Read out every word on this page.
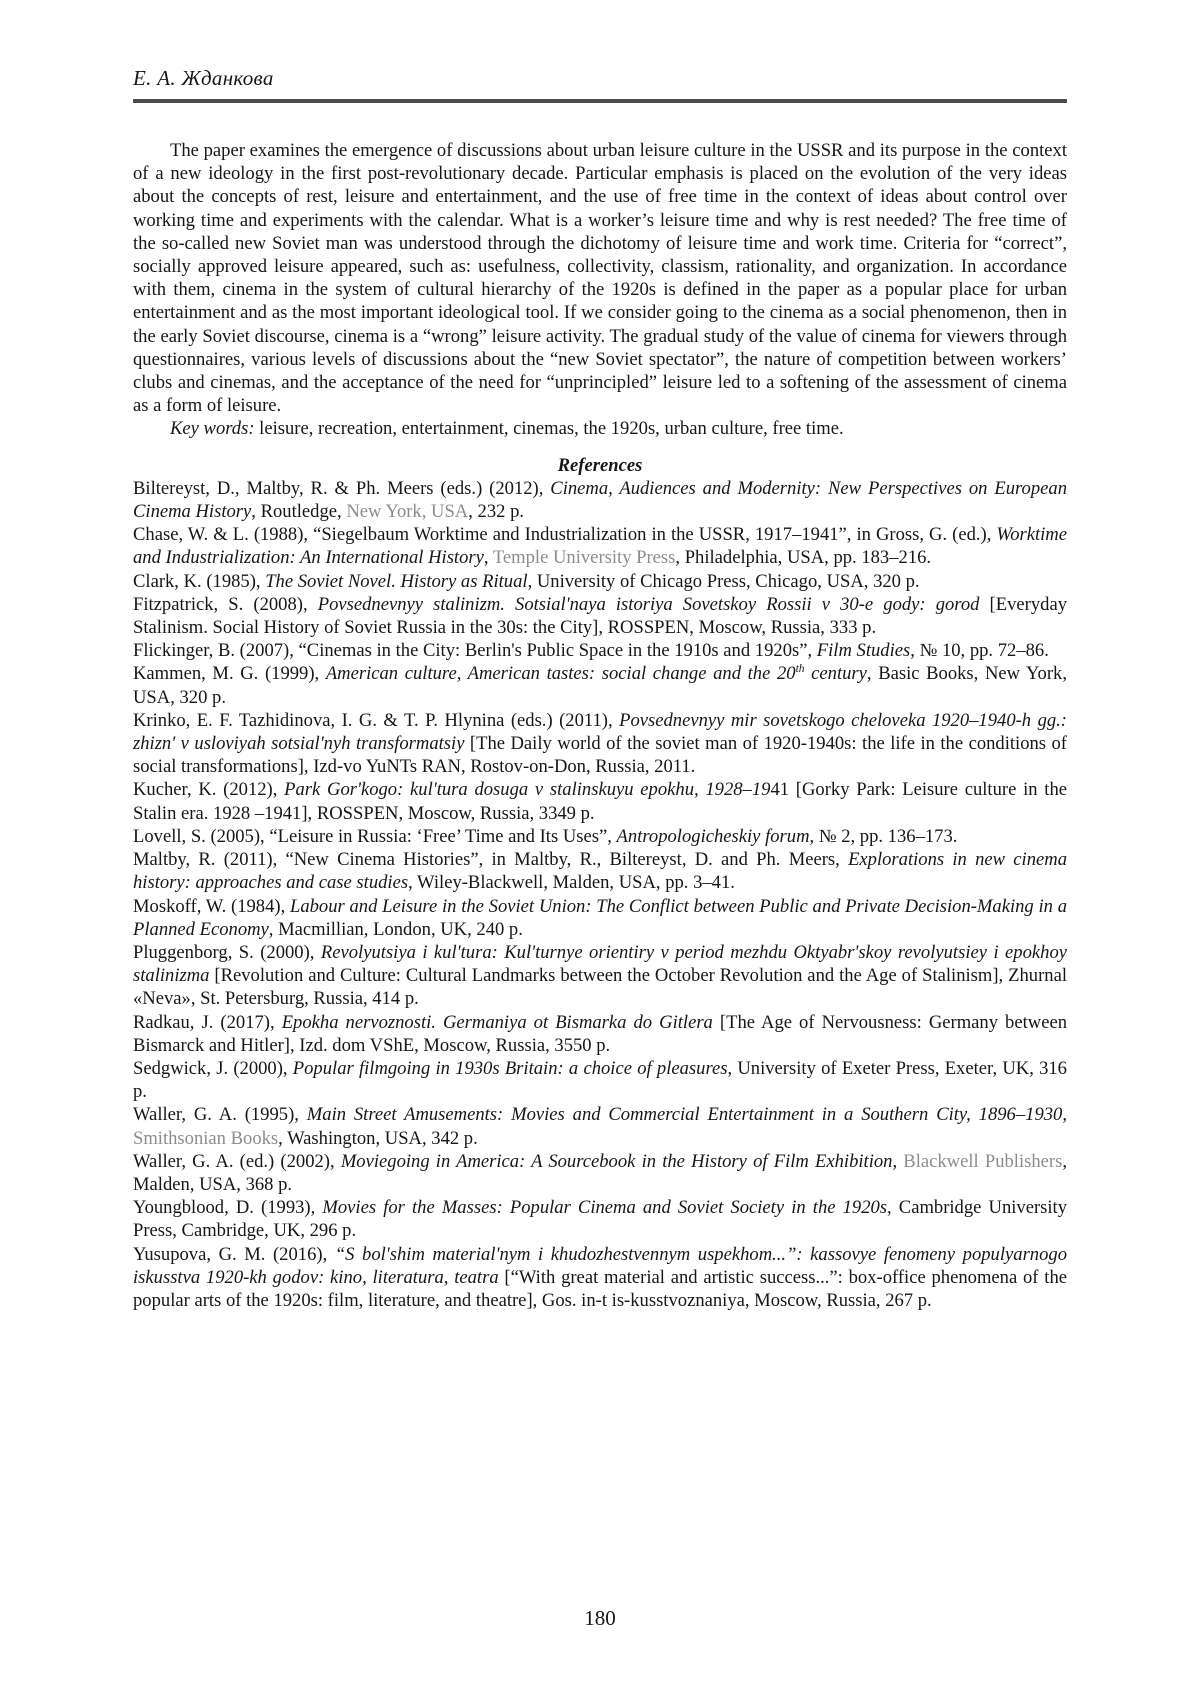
Е. А. Жданкова

The paper examines the emergence of discussions about urban leisure culture in the USSR and its purpose in the context of a new ideology in the first post-revolutionary decade. Particular emphasis is placed on the evolution of the very ideas about the concepts of rest, leisure and entertainment, and the use of free time in the context of ideas about control over working time and experiments with the calendar. What is a worker’s leisure time and why is rest needed? The free time of the so-called new Soviet man was understood through the dichotomy of leisure time and work time. Criteria for “correct”, socially approved leisure appeared, such as: usefulness, collectivity, classism, rationality, and organization. In accordance with them, cinema in the system of cultural hierarchy of the 1920s is defined in the paper as a popular place for urban entertainment and as the most important ideological tool. If we consider going to the cinema as a social phenomenon, then in the early Soviet discourse, cinema is a “wrong” leisure activity. The gradual study of the value of cinema for viewers through questionnaires, various levels of discussions about the “new Soviet spectator”, the nature of competition between workers’ clubs and cinemas, and the acceptance of the need for “unprincipled” leisure led to a softening of the assessment of cinema as a form of leisure.

Key words: leisure, recreation, entertainment, cinemas, the 1920s, urban culture, free time.

References

Biltereyst, D., Maltby, R. & Ph. Meers (eds.) (2012), Cinema, Audiences and Modernity: New Perspectives on European Cinema History, Routledge, New York, USA, 232 p.

Chase, W. & L. (1988), “Siegelbaum Worktime and Industrialization in the USSR, 1917–1941”, in Gross, G. (ed.), Worktime and Industrialization: An International History, Temple University Press, Philadelphia, USA, pp. 183–216.

Clark, K. (1985), The Soviet Novel. History as Ritual, University of Chicago Press, Chicago, USA, 320 p.

Fitzpatrick, S. (2008), Povsednevnyy stalinizm. Sotsial'naya istoriya Sovetskoy Rossii v 30-e gody: gorod [Everyday Stalinism. Social History of Soviet Russia in the 30s: the City], ROSSPEN, Moscow, Russia, 333 p.

Flickinger, B. (2007), “Cinemas in the City: Berlin's Public Space in the 1910s and 1920s”, Film Studies, № 10, pp. 72–86.

Kammen, M. G. (1999), American culture, American tastes: social change and the 20th century, Basic Books, New York, USA, 320 p.

Krinko, E. F. Tazhidinova, I. G. & T. P. Hlynina (eds.) (2011), Povsednevnyy mir sovetskogo cheloveka 1920–1940-h gg.: zhizn' v usloviyah sotsial'nyh transformatsiy [The Daily world of the soviet man of 1920-1940s: the life in the conditions of social transformations], Izd-vo YuNTs RAN, Rostov-on-Don, Russia, 2011.

Kucher, K. (2012), Park Gor'kogo: kul'tura dosuga v stalinskuyu epokhu, 1928–1941 [Gorky Park: Leisure culture in the Stalin era. 1928 –1941], ROSSPEN, Moscow, Russia, 3349 p.

Lovell, S. (2005), “Leisure in Russia: ‘Free’ Time and Its Uses”, Antropologicheskiy forum, № 2, pp. 136–173.

Maltby, R. (2011), “New Cinema Histories”, in Maltby, R., Biltereyst, D. and Ph. Meers, Explorations in new cinema history: approaches and case studies, Wiley-Blackwell, Malden, USA, pp. 3–41.

Moskoff, W. (1984), Labour and Leisure in the Soviet Union: The Conflict between Public and Private Decision-Making in a Planned Economy, Macmillian, London, UK, 240 p.

Pluggenborg, S. (2000), Revolyutsiya i kul'tura: Kul'turnye orientiry v period mezhdu Oktyabr'skoy revolyutsiey i epokhoy stalinizma [Revolution and Culture: Cultural Landmarks between the October Revolution and the Age of Stalinism], Zhurnal «Neva», St. Petersburg, Russia, 414 p.

Radkau, J. (2017), Epokha nervoznosti. Germaniya ot Bismarka do Gitlera [The Age of Nervousness: Germany between Bismarck and Hitler], Izd. dom VShE, Moscow, Russia, 3550 p.

Sedgwick, J. (2000), Popular filmgoing in 1930s Britain: a choice of pleasures, University of Exeter Press, Exeter, UK, 316 p.

Waller, G. A. (1995), Main Street Amusements: Movies and Commercial Entertainment in a Southern City, 1896–1930, Smithsonian Books, Washington, USA, 342 p.

Waller, G. A. (ed.) (2002), Moviegoing in America: A Sourcebook in the History of Film Exhibition, Blackwell Publishers, Malden, USA, 368 p.

Youngblood, D. (1993), Movies for the Masses: Popular Cinema and Soviet Society in the 1920s, Cambridge University Press, Cambridge, UK, 296 p.

Yusupova, G. M. (2016), “S bol'shim material'nym i khudozhestvennym uspekhom...”: kassovye fenomeny populyarnogo iskusstva 1920-kh godov: kino, literatura, teatra [“With great material and artistic success...”: box-office phenomena of the popular arts of the 1920s: film, literature, and theatre], Gos. in-t is-kusstvoznaniya, Moscow, Russia, 267 p.

180
